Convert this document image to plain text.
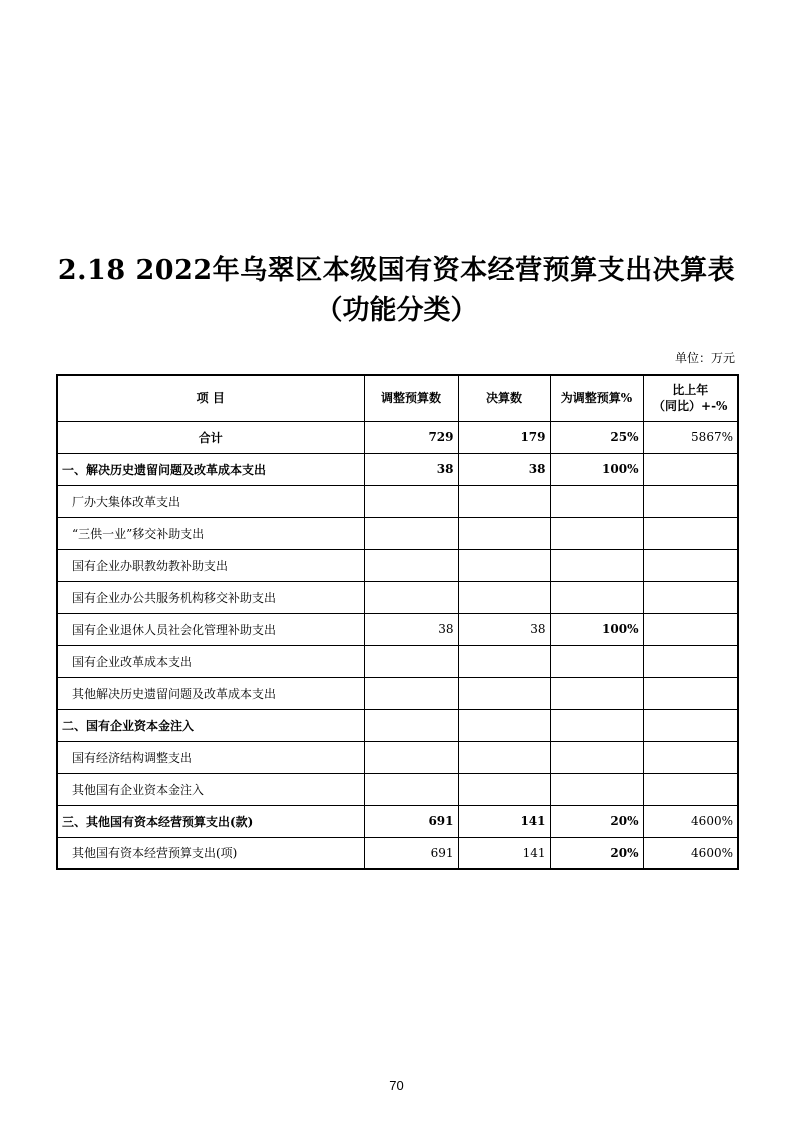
2.18 2022年乌翠区本级国有资本经营预算支出决算表
（功能分类）
单位：万元
项 目	调整预算数	决算数	为调整预算%	比上年
（同比）+-%

合计	729	179	25%	5867%
一、解决历史遗留问题及改革成本支出	38	38	100%	
厂办大集体改革支出				
“三供一业”移交补助支出				
国有企业办职教幼教补助支出				
国有企业办公共服务机构移交补助支出				
国有企业退休人员社会化管理补助支出	38	38	100%	
国有企业改革成本支出				
其他解决历史遗留问题及改革成本支出				
二、国有企业资本金注入				
国有经济结构调整支出				
其他国有企业资本金注入				
三、其他国有资本经营预算支出(款)	691	141	20%	4600%
其他国有资本经营预算支出(项)	691	141	20%	4600%
70
